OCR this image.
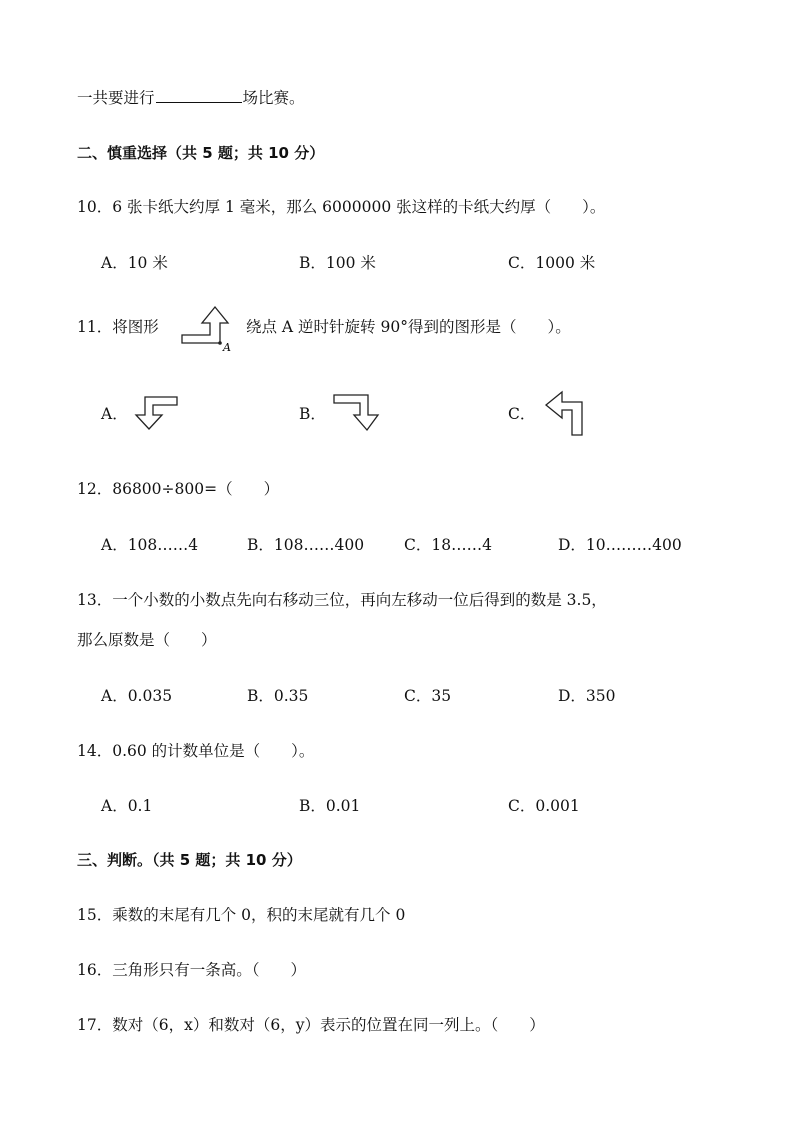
一共要进行	场比赛。
二、慎重选择（共 5 题；共 10 分）
10．6 张卡纸大约厚 1 毫米，那么 6000000 张这样的卡纸大约厚（　　）。
A．10 米	B．100 米	C．1000 米
11．将图形
A
绕点 A 逆时针旋转 90°得到的图形是（　　）。
A．	B．	C．
12．86800÷800=（　　）
A．108……4	B．108……400	C．18……4	D．10………400
13．一个小数的小数点先向右移动三位，再向左移动一位后得到的数是 3.5，
那么原数是（　　）
A．0.035	B．0.35	C．35	D．350
14．0.60 的计数单位是（　　）。
A．0.1	B．0.01	C．0.001
三、判断。（共 5 题；共 10 分）
15．乘数的末尾有几个 0，积的末尾就有几个 0
16．三角形只有一条高。（　　）
17．数对（6，x）和数对（6，y）表示的位置在同一列上。（　　）
